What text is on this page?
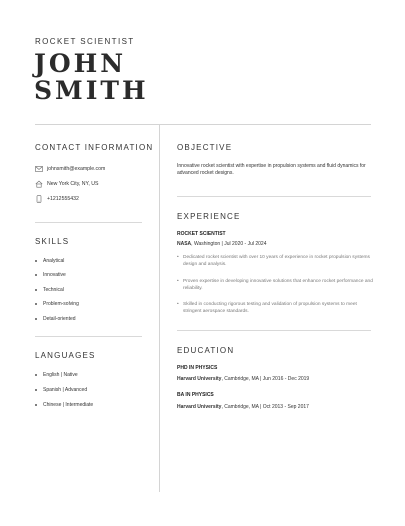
ROCKET SCIENTIST
JOHN
SMITH
CONTACT INFORMATION
johnsmith@example.com
New York City, NY, US
+1212555432
SKILLS
Analytical
Innovative
Technical
Problem-solving
Detail-oriented
LANGUAGES
English | Native
Spanish | Advanced
Chinese | Intermediate
OBJECTIVE
Innovative rocket scientist with expertise in propulsion systems and fluid dynamics for advanced rocket designs.
EXPERIENCE
ROCKET SCIENTIST
NASA, Washington | Jul 2020 - Jul 2024
• Dedicated rocket scientist with over 10 years of experience in rocket propulsion systems design and analysis.
• Proven expertise in developing innovative solutions that enhance rocket performance and reliability.
• Skilled in conducting rigorous testing and validation of propulsion systems to meet stringent aerospace standards.
EDUCATION
PHD IN PHYSICS
Harvard University, Cambridge, MA | Jun 2016 - Dec 2019
BA IN PHYSICS
Harvard University, Cambridge, MA | Oct 2013 - Sep 2017
